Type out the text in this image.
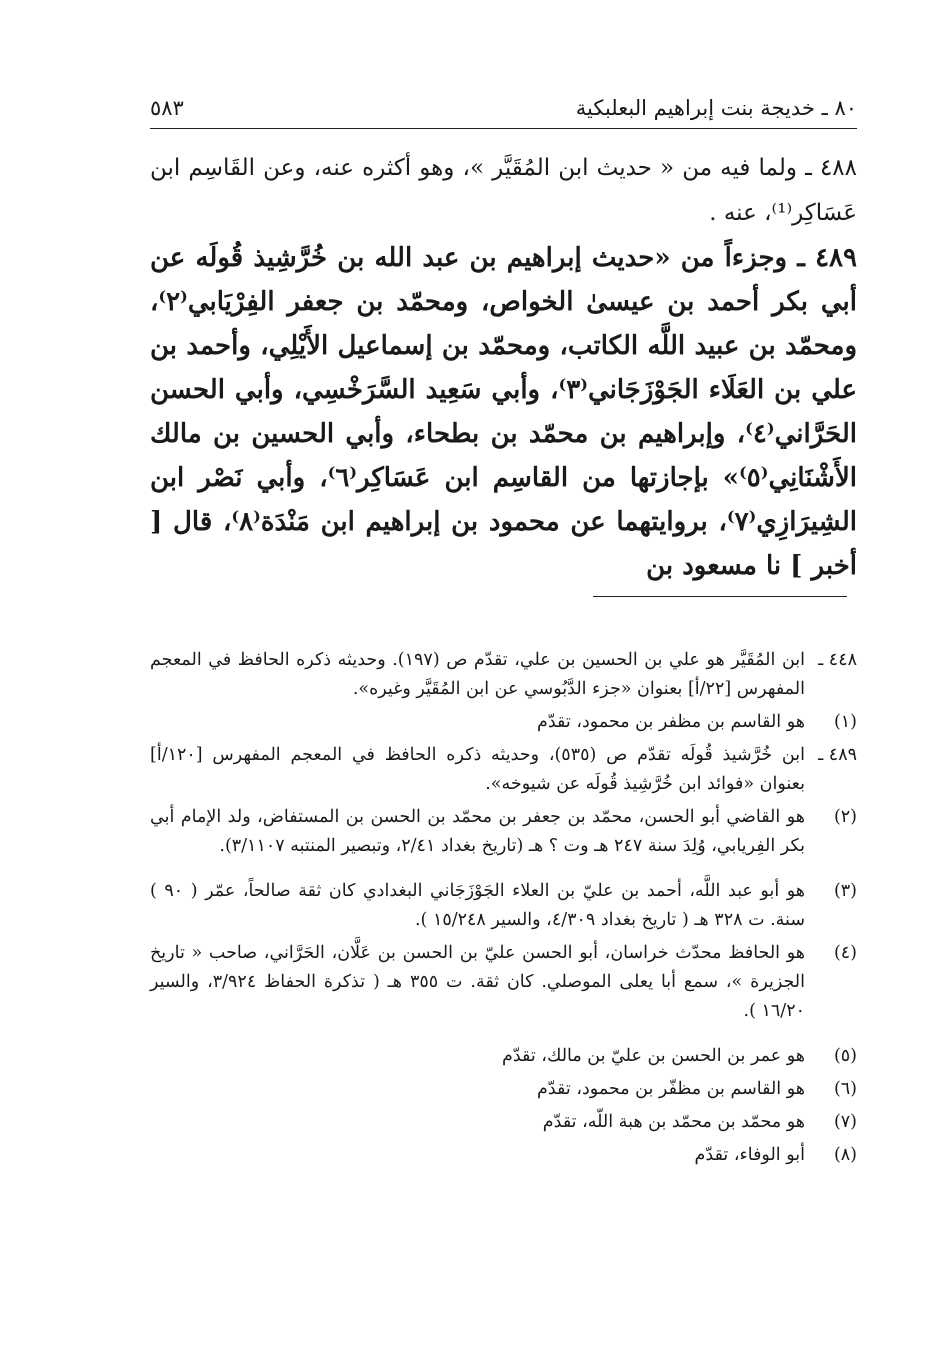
٨٠ ـ خديجة بنت إبراهيم البعلبكية
٥٨٣

٤٨٨ ـ ولما فيه من « حديث ابن المُقَيَّر »، وهو أكثره عنه، وعن القَاسِم ابن عَسَاكِر⁽¹⁾، عنه .

٤٨٩ ـ وجزءاً من «حديث إبراهيم بن عبد الله بن خُرَّشِيذ قُولَه عن أبي بكر أحمد بن عيسىٰ الخواص، ومحمّد بن جعفر الفِرْيَابي⁽٢⁾، ومحمّد بن عبيد اللَّه الكاتب، ومحمّد بن إسماعيل الأَيْلِي، وأحمد بن علي بن العَلَاء الجَوْزَجَاني⁽٣⁾، وأبي سَعِيد السَّرَخْسِي، وأبي الحسن الحَرَّاني⁽٤⁾، وإبراهيم بن محمّد بن بطحاء، وأبي الحسين بن مالك الأَشْنَانِي⁽٥⁾» بإجازتها من القاسِم ابن عَسَاكِر⁽٦⁾، وأبي نَصْر ابن الشِيرَازِي⁽٧⁾، بروايتهما عن محمود بن إبراهيم ابن مَنْدَة⁽٨⁾، قال [ أخبر ] نا مسعود بن

٤٤٨ ـ
ابن المُقَيَّر هو علي بن الحسين بن علي، تقدّم ص (١٩٧). وحديثه ذكره الحافظ في المعجم المفهرس [٢٢/أ] بعنوان «جزء الدَّبُوسي عن ابن المُقَيَّر وغيره».
(١)
هو القاسم بن مظفر بن محمود، تقدّم
٤٨٩ ـ
ابن خُرَّشيذ قُولَه تقدّم ص (٥٣٥)، وحديثه ذكره الحافظ في المعجم المفهرس [١٢٠/أ] بعنوان «فوائد ابن خُرَّشِيذ قُولَه عن شيوخه».
(٢)
هو القاضي أبو الحسن، محمّد بن جعفر بن محمّد بن الحسن بن المستفاض، ولد الإمام أبي بكر الفِريابي، وُلِدَ سنة ٢٤٧ هـ وت ؟ هـ (تاريخ بغداد ٢/٤١، وتبصير المنتبه ٣/١١٠٧).
(٣)
هو أبو عبد اللَّه، أحمد بن عليّ بن العلاء الجَوْزَجَاني البغدادي كان ثقة صالحاً، عمّر ( ٩٠ ) سنة. ت ٣٢٨ هـ ( تاريخ بغداد ٤/٣٠٩، والسير ١٥/٢٤٨ ).
(٤)
هو الحافظ محدّث خراسان، أبو الحسن عليّ بن الحسن بن عَلَّان، الحَرَّاني، صاحب « تاريخ الجزيرة »، سمع أبا يعلى الموصلي. كان ثقة. ت ٣٥٥ هـ ( تذكرة الحفاظ ٣/٩٢٤، والسير ١٦/٢٠ ).
(٥)
هو عمر بن الحسن بن عليّ بن مالك، تقدّم
(٦)
هو القاسم بن مظفّر بن محمود، تقدّم
(٧)
هو محمّد بن محمّد بن هبة اللّه، تقدّم
(٨)
أبو الوفاء، تقدّم
